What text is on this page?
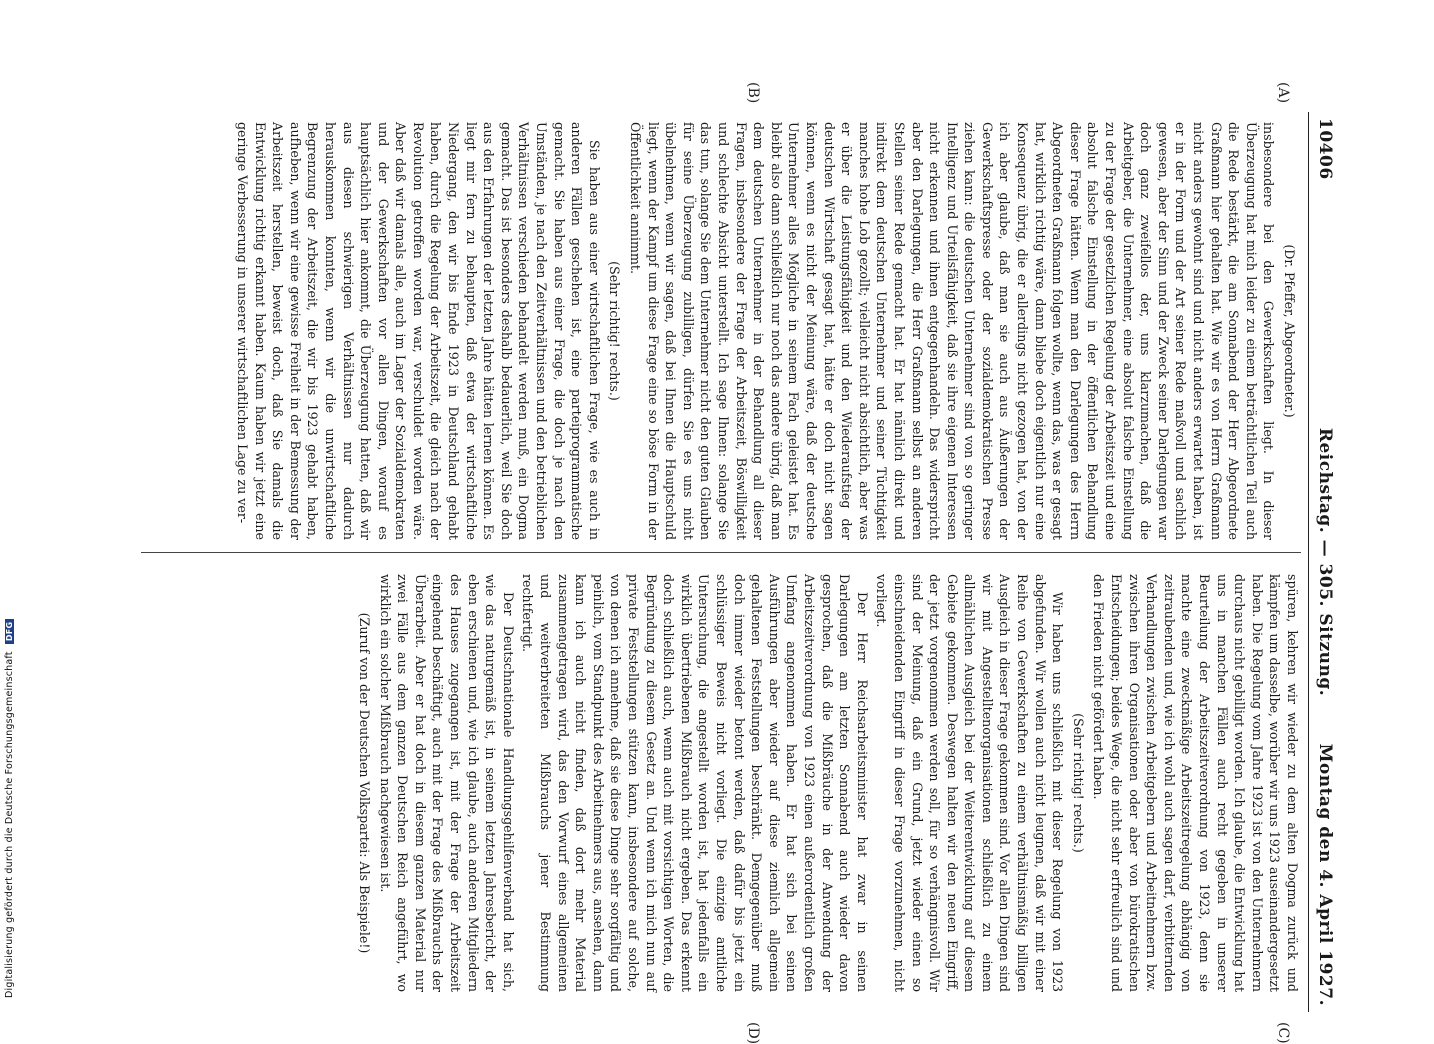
10406
Reichstag. — 305. Sitzung.
Montag den 4. April 1927.
(A)
(B)
(C)
(D)

(Dr. Pfeffer, Abgeordneter.)

insbesondere bei den Gewerkschaften liegt. In dieser Überzeugung hat mich leider zu einem beträchtlichen Teil auch die Rede bestärkt, die am Sonnabend der Herr Abgeordnete Graßmann hier gehalten hat. Wie wir es von Herrn Graßmann nicht anders gewohnt sind und nicht anders erwartet haben, ist er in der Form und der Art seiner Rede maßvoll und sachlich gewesen, aber der Sinn und der Zweck seiner Darlegungen war doch ganz zweifellos der, uns klarzumachen, daß die Arbeitgeber, die Unternehmer, eine absolut falsche Einstellung zu der Frage der gesetzlichen Regelung der Arbeitszeit und eine absolut falsche Einstellung in der öffentlichen Behandlung dieser Frage hätten. Wenn man den Darlegungen des Herrn Abgeordneten Graßmann folgen wollte, wenn das, was er gesagt hat, wirklich richtig wäre, dann bliebe doch eigentlich nur eine Konsequenz übrig, die er allerdings nicht gezogen hat, von der ich aber glaube, daß man sie auch aus Äußerungen der Gewerkschaftspresse oder der sozialdemokratischen Presse ziehen kann: die deutschen Unternehmer sind von so geringer Intelligenz und Urteilsfähigkeit, daß sie ihre eigenen Interessen nicht erkennen und ihnen entgegenhandeln. Das widerspricht aber den Darlegungen, die Herr Graßmann selbst an anderen Stellen seiner Rede gemacht hat. Er hat nämlich direkt und indirekt dem deutschen Unternehmer und seiner Tüchtigkeit manches hohe Lob gezollt; vielleicht nicht absichtlich, aber was er über die Leistungsfähigkeit und den Wiederaufstieg der deutschen Wirtschaft gesagt hat, hätte er doch nicht sagen können, wenn es nicht der Meinung wäre, daß der deutsche Unternehmer alles Mögliche in seinem Fach geleistet hat. Es bleibt also dann schließlich nur noch das andere übrig, daß man dem deutschen Unternehmer in der Behandlung all dieser Fragen, insbesondere der Frage der Arbeitszeit, Böswilligkeit und schlechte Absicht unterstellt. Ich sage Ihnen: solange Sie das tun, solange Sie dem Unternehmer nicht den guten Glauben für seine Überzeugung zubilligen, dürfen Sie es uns nicht übelnehmen, wenn wir sagen, daß bei Ihnen die Hauptschuld liegt, wenn der Kampf um diese Frage eine so böse Form in der Öffentlichkeit annimmt.

(Sehr richtig! rechts.)

Sie haben aus einer wirtschaftlichen Frage, wie es auch in anderen Fällen geschehen ist, eine parteiprogrammatische gemacht. Sie haben aus einer Frage, die doch je nach den Umständen, je nach den Zeitverhältnissen und den betrieblichen Verhältnissen verschieden behandelt werden muß, ein Dogma gemacht. Das ist besonders deshalb bedauerlich, weil Sie doch aus den Erfahrungen der letzten Jahre hätten lernen können. Es liegt mir fern zu behaupten, daß etwa der wirtschaftliche Niedergang, den wir bis Ende 1923 in Deutschland gehabt haben, durch die Regelung der Arbeitszeit, die gleich nach der Revolution getroffen worden war, verschuldet worden wäre. Aber daß wir damals alle, auch im Lager der Sozialdemokraten und der Gewerkschaften vor allen Dingen, worauf es hauptsächlich hier ankommt, die Überzeugung hatten, daß wir aus diesen schwierigen Verhältnissen nur dadurch herauskommen konnten, wenn wir die unwirtschaftliche Begrenzung der Arbeitszeit, die wir bis 1923 gehabt haben, aufheben, wenn wir eine gewisse Freiheit in der Bemessung der Arbeitszeit herstellen, beweist doch, daß Sie damals die Entwicklung richtig erkannt haben. Kaum haben wir jetzt eine geringe Verbesserung in unserer wirtschaftlichen Lage zu ver-

spüren, kehren wir wieder zu dem alten Dogma zurück und kämpfen um dasselbe, worüber wir uns 1923 auseinandergesetzt haben. Die Regelung vom Jahre 1923 ist von den Unternehmern durchaus nicht gebilligt worden. Ich glaube, die Entwicklung hat uns in manchen Fällen auch recht gegeben in unserer Beurteilung der Arbeitszeitverordnung von 1923, denn sie machte eine zweckmäßige Arbeitszeitregelung abhängig von zeitraubenden und, wie ich wohl auch sagen darf, verbitternden Verhandlungen zwischen Arbeitgebern und Arbeitnehmern bzw. zwischen ihren Organisationen oder aber von bürokratischen Entscheidungen; beides Wege, die nicht sehr erfreulich sind und den Frieden nicht gefördert haben.

(Sehr richtig! rechts.)

Wir haben uns schließlich mit dieser Regelung von 1923 abgefunden. Wir wollen auch nicht leugnen, daß wir mit einer Reihe von Gewerkschaften zu einem verhältnismäßig billigen Ausgleich in dieser Frage gekommen sind. Vor allen Dingen sind wir mit Angestelltenorganisationen schließlich zu einem allmählichen Ausgleich bei der Weiterentwicklung auf diesem Gebiete gekommen. Deswegen halten wir den neuen Eingriff, der jetzt vorgenommen werden soll, für so verhängnisvoll. Wir sind der Meinung, daß ein Grund, jetzt wieder einen so einschneidenden Eingriff in dieser Frage vorzunehmen, nicht vorliegt.

Der Herr Reichsarbeitsminister hat zwar in seinen Darlegungen am letzten Sonnabend auch wieder davon gesprochen, daß die Mißbräuche in der Anwendung der Arbeitszeitverordnung von 1923 einen außerordentlich großen Umfang angenommen haben. Er hat sich bei seinen Ausführungen aber wieder auf diese ziemlich allgemein gehaltenen Feststellungen beschränkt. Demgegenüber muß doch immer wieder betont werden, daß dafür bis jetzt ein schlüssiger Beweis nicht vorliegt. Die einzige amtliche Untersuchung, die angestellt worden ist, hat jedenfalls ein wirklich übertriebenen Mißbrauch nicht ergeben. Das erkennt doch schließlich auch, wenn auch mit vorsichtigen Worten, die Begründung zu diesem Gesetz an. Und wenn ich mich nun auf private Feststellungen stützen kann, insbesondere auf solche, von denen ich annehme, daß sie diese Dinge sehr sorgfältig und peinlich, vom Standpunkt des Arbeitnehmers aus, ansehen, dann kann ich auch nicht finden, daß dort mehr Material zusammengetragen wird, das den Vorwurf eines allgemeinen und weitverbreiteten Mißbrauchs jener Bestimmung rechtfertigt.

Der Deutschnationale Handlungsgehilfenverband hat sich, wie das naturgemäß ist, in seinem letzten Jahresbericht, der eben erschienen und, wie ich glaube, auch anderen Mitgliedern des Hauses zugegangen ist, mit der Frage der Arbeitszeit eingehend beschäftigt, auch mit der Frage des Mißbrauchs der Überarbeit. Aber er hat doch in diesem ganzen Material nur zwei Fälle aus dem ganzen Deutschen Reich angeführt, wo wirklich ein solcher Mißbrauch nachgewiesen ist.

(Zuruf von der Deutschen Volkspartei: Als Beispiele!)

Digitalisierung gefördert durch die Deutsche Forschungsgemeinschaft DFG
